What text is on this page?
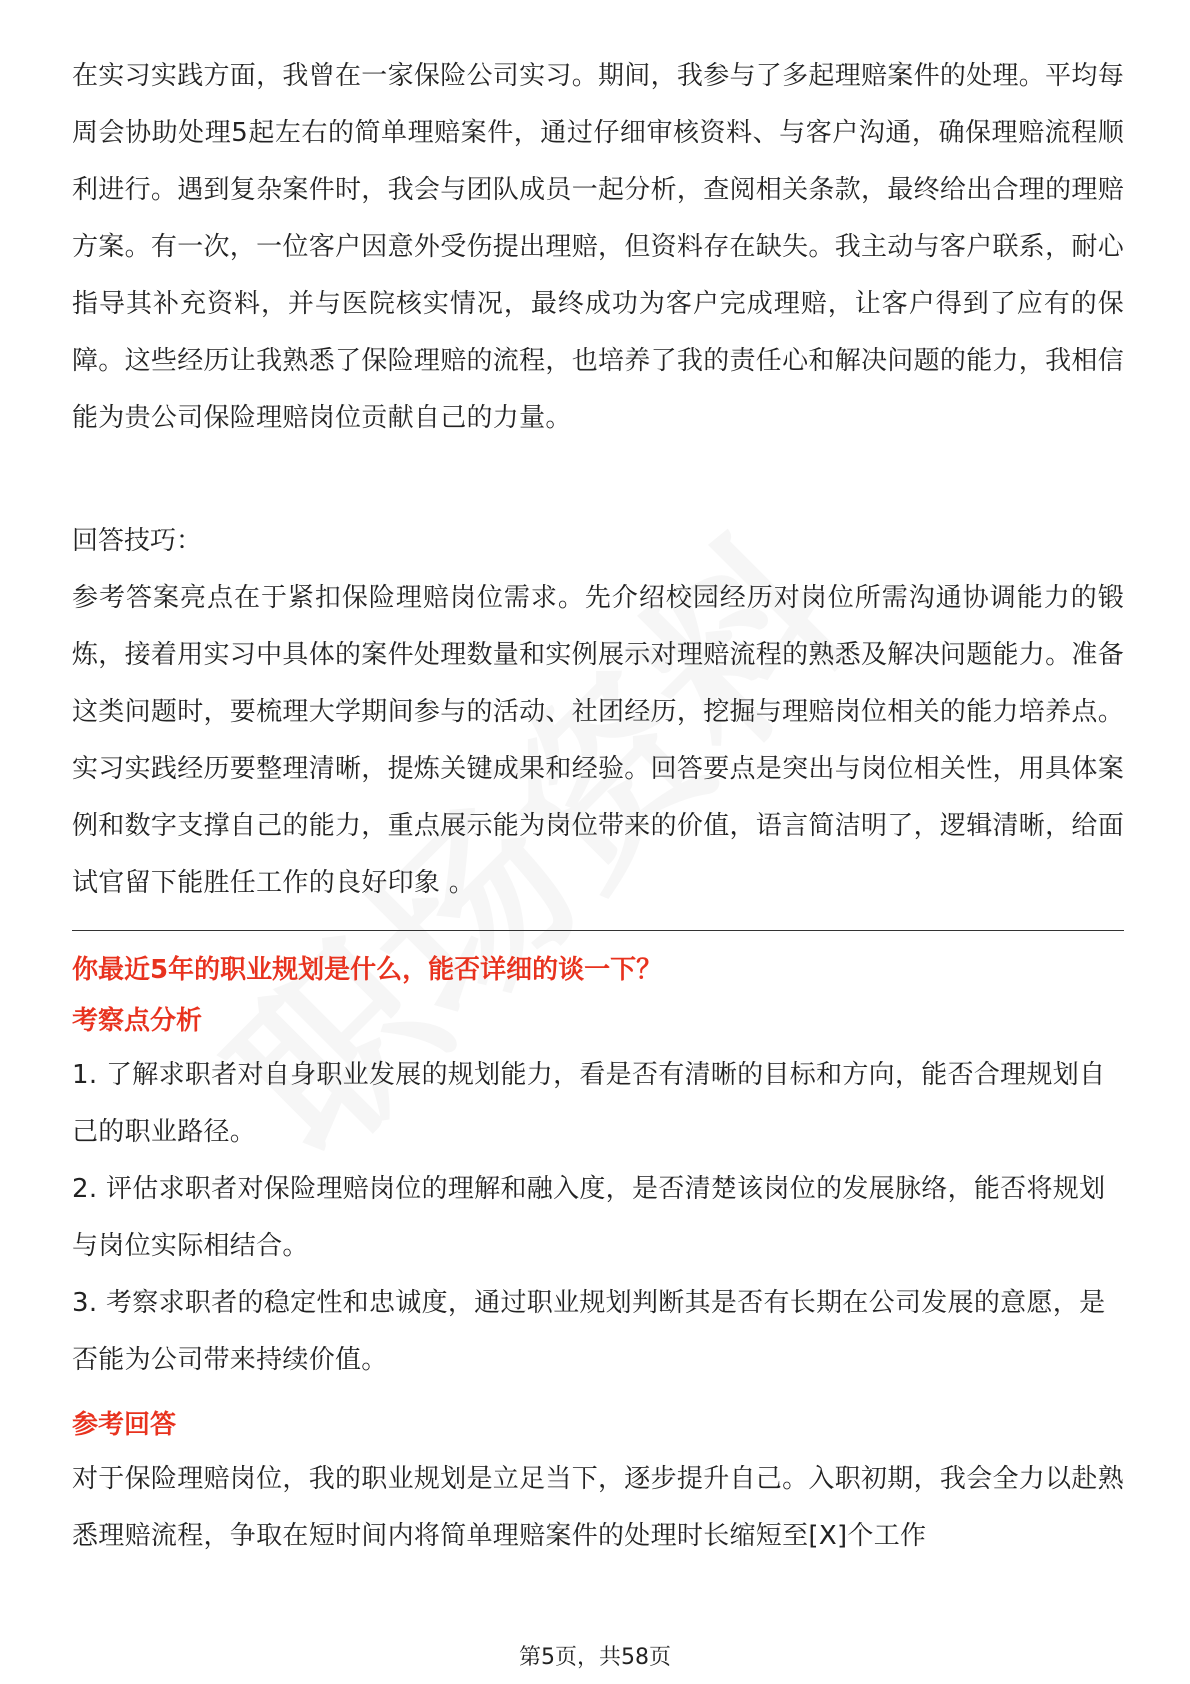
在实习实践方面，我曾在一家保险公司实习。期间，我参与了多起理赔案件的处理。平均每周会协助处理5起左右的简单理赔案件，通过仔细审核资料、与客户沟通，确保理赔流程顺利进行。遇到复杂案件时，我会与团队成员一起分析，查阅相关条款，最终给出合理的理赔方案。有一次，一位客户因意外受伤提出理赔，但资料存在缺失。我主动与客户联系，耐心指导其补充资料，并与医院核实情况，最终成功为客户完成理赔，让客户得到了应有的保障。这些经历让我熟悉了保险理赔的流程，也培养了我的责任心和解决问题的能力，我相信能为贵公司保险理赔岗位贡献自己的力量。

回答技巧：

参考答案亮点在于紧扣保险理赔岗位需求。先介绍校园经历对岗位所需沟通协调能力的锻炼，接着用实习中具体的案件处理数量和实例展示对理赔流程的熟悉及解决问题能力。准备这类问题时，要梳理大学期间参与的活动、社团经历，挖掘与理赔岗位相关的能力培养点。实习实践经历要整理清晰，提炼关键成果和经验。回答要点是突出与岗位相关性，用具体案例和数字支撑自己的能力，重点展示能为岗位带来的价值，语言简洁明了，逻辑清晰，给面试官留下能胜任工作的良好印象 。

你最近5年的职业规划是什么，能否详细的谈一下？

考察点分析

1. 了解求职者对自身职业发展的规划能力，看是否有清晰的目标和方向，能否合理规划自己的职业路径。

2. 评估求职者对保险理赔岗位的理解和融入度，是否清楚该岗位的发展脉络，能否将规划与岗位实际相结合。

3. 考察求职者的稳定性和忠诚度，通过职业规划判断其是否有长期在公司发展的意愿，是否能为公司带来持续价值。

参考回答

对于保险理赔岗位，我的职业规划是立足当下，逐步提升自己。入职初期，我会全力以赴熟悉理赔流程，争取在短时间内将简单理赔案件的处理时长缩短至[X]个工作

第5页，共58页
